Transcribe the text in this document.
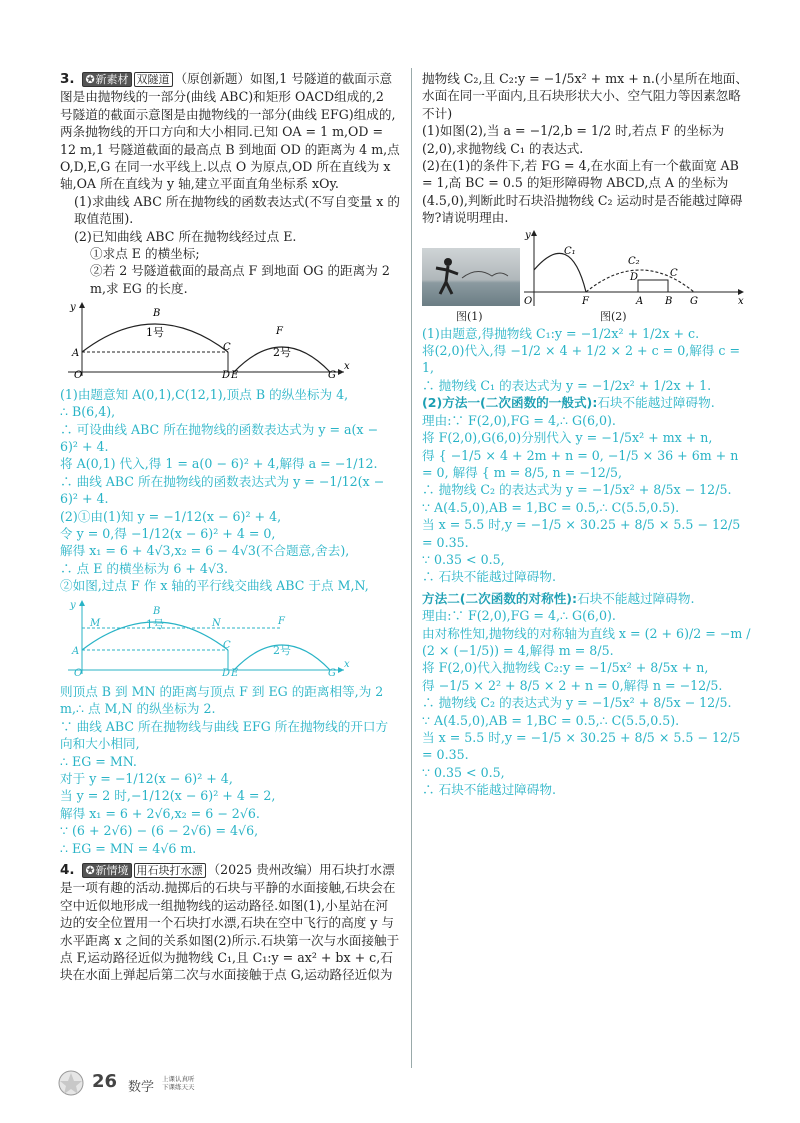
3. ✪新素材 双隧道 （原创新题）如图,1 号隧道的截面示意图是由抛物线的一部分(曲线 ABC)和矩形 OACD组成的,2 号隧道的截面示意图是由抛物线的一部分(曲线 EFG)组成的,两条抛物线的开口方向和大小相同.已知 OA = 1 m,OD = 12 m,1 号隧道截面的最高点 B 到地面 OD 的距离为 4 m,点 O,D,E,G 在同一水平线上.以点 O 为原点,OD 所在直线为 x 轴,OA 所在直线为 y 轴,建立平面直角坐标系 xOy.

(1)求曲线 ABC 所在抛物线的函数表达式(不写自变量 x 的取值范围).

(2)已知曲线 ABC 所在抛物线经过点 E.

①求点 E 的横坐标;

②若 2 号隧道截面的最高点 F 到地面 OG 的距离为 2 m,求 EG 的长度.

y
B
1号	F
2号
A
C
O	D E	G
x

(1)由题意知 A(0,1),C(12,1),顶点 B 的纵坐标为 4,

∴ B(6,4),

∴ 可设曲线 ABC 所在抛物线的函数表达式为 y = a(x − 6)² + 4.

将 A(0,1) 代入,得 1 = a(0 − 6)² + 4,解得 a = −1/12.

∴ 曲线 ABC 所在抛物线的函数表达式为 y = −1/12(x − 6)² + 4.

(2)①由(1)知 y = −1/12(x − 6)² + 4,

令 y = 0,得 −1/12(x − 6)² + 4 = 0,

解得 x₁ = 6 + 4√3,x₂ = 6 − 4√3(不合题意,舍去),

∴ 点 E 的横坐标为 6 + 4√3.

②如图,过点 F 作 x 轴的平行线交曲线 ABC 于点 M,N,

y
B
1号
M	N	F
2号
A
C
O	D E	G
x

则顶点 B 到 MN 的距离与顶点 F 到 EG 的距离相等,为 2 m,∴ 点 M,N 的纵坐标为 2.

∵ 曲线 ABC 所在抛物线与曲线 EFG 所在抛物线的开口方向和大小相同,

∴ EG = MN.

对于 y = −1/12(x − 6)² + 4,

当 y = 2 时,−1/12(x − 6)² + 4 = 2,

解得 x₁ = 6 + 2√6,x₂ = 6 − 2√6.

∵ (6 + 2√6) − (6 − 2√6) = 4√6,

∴ EG = MN = 4√6 m.

4. ✪新情境 用石块打水漂 （2025 贵州改编）用石块打水漂是一项有趣的活动.抛掷后的石块与平静的水面接触,石块会在空中近似地形成一组抛物线的运动路径.如图(1),小星站在河边的安全位置用一个石块打水漂,石块在空中飞行的高度 y 与水平距离 x 之间的关系如图(2)所示.石块第一次与水面接触于点 F,运动路径近似为抛物线 C₁,且 C₁:y = ax² + bx + c,石块在水面上弹起后第二次与水面接触于点 G,运动路径近似为

抛物线 C₂,且 C₂:y = −1/5x² + mx + n.(小星所在地面、水面在同一平面内,且石块形状大小、空气阻力等因素忽略不计)

(1)如图(2),当 a = −1/2,b = 1/2 时,若点 F 的坐标为 (2,0),求抛物线 C₁ 的表达式.

(2)在(1)的条件下,若 FG = 4,在水面上有一个截面宽 AB = 1,高 BC = 0.5 的矩形障碍物 ABCD,点 A 的坐标为(4.5,0),判断此时石块沿抛物线 C₂ 运动时是否能越过障碍物?请说明理由.

图(1)
y
C₁
C₂
D	C
O	F	A B G	x
图(2)

(1)由题意,得抛物线 C₁:y = −1/2x² + 1/2x + c.

将(2,0)代入,得 −1/2 × 4 + 1/2 × 2 + c = 0,解得 c = 1,

∴ 抛物线 C₁ 的表达式为 y = −1/2x² + 1/2x + 1.

(2)方法一(二次函数的一般式):石块不能越过障碍物.

理由:∵ F(2,0),FG = 4,∴ G(6,0).

将 F(2,0),G(6,0)分别代入 y = −1/5x² + mx + n,

得 { −1/5 × 4 + 2m + n = 0, −1/5 × 36 + 6m + n = 0, 解得 { m = 8/5, n = −12/5,

∴ 抛物线 C₂ 的表达式为 y = −1/5x² + 8/5x − 12/5.

∵ A(4.5,0),AB = 1,BC = 0.5,∴ C(5.5,0.5).

当 x = 5.5 时,y = −1/5 × 30.25 + 8/5 × 5.5 − 12/5 = 0.35.

∵ 0.35 < 0.5,

∴ 石块不能越过障碍物.

方法二(二次函数的对称性):石块不能越过障碍物.

理由:∵ F(2,0),FG = 4,∴ G(6,0).

由对称性知,抛物线的对称轴为直线 x = (2 + 6)/2 = −m / (2 × (−1/5)) = 4,解得 m = 8/5.

将 F(2,0)代入抛物线 C₂:y = −1/5x² + 8/5x + n,

得 −1/5 × 2² + 8/5 × 2 + n = 0,解得 n = −12/5.

∴ 抛物线 C₂ 的表达式为 y = −1/5x² + 8/5x − 12/5.

∵ A(4.5,0),AB = 1,BC = 0.5,∴ C(5.5,0.5).

当 x = 5.5 时,y = −1/5 × 30.25 + 8/5 × 5.5 − 12/5 = 0.35.

∵ 0.35 < 0.5,

∴ 石块不能越过障碍物.

26 数学
上课认真听
下课练天天
